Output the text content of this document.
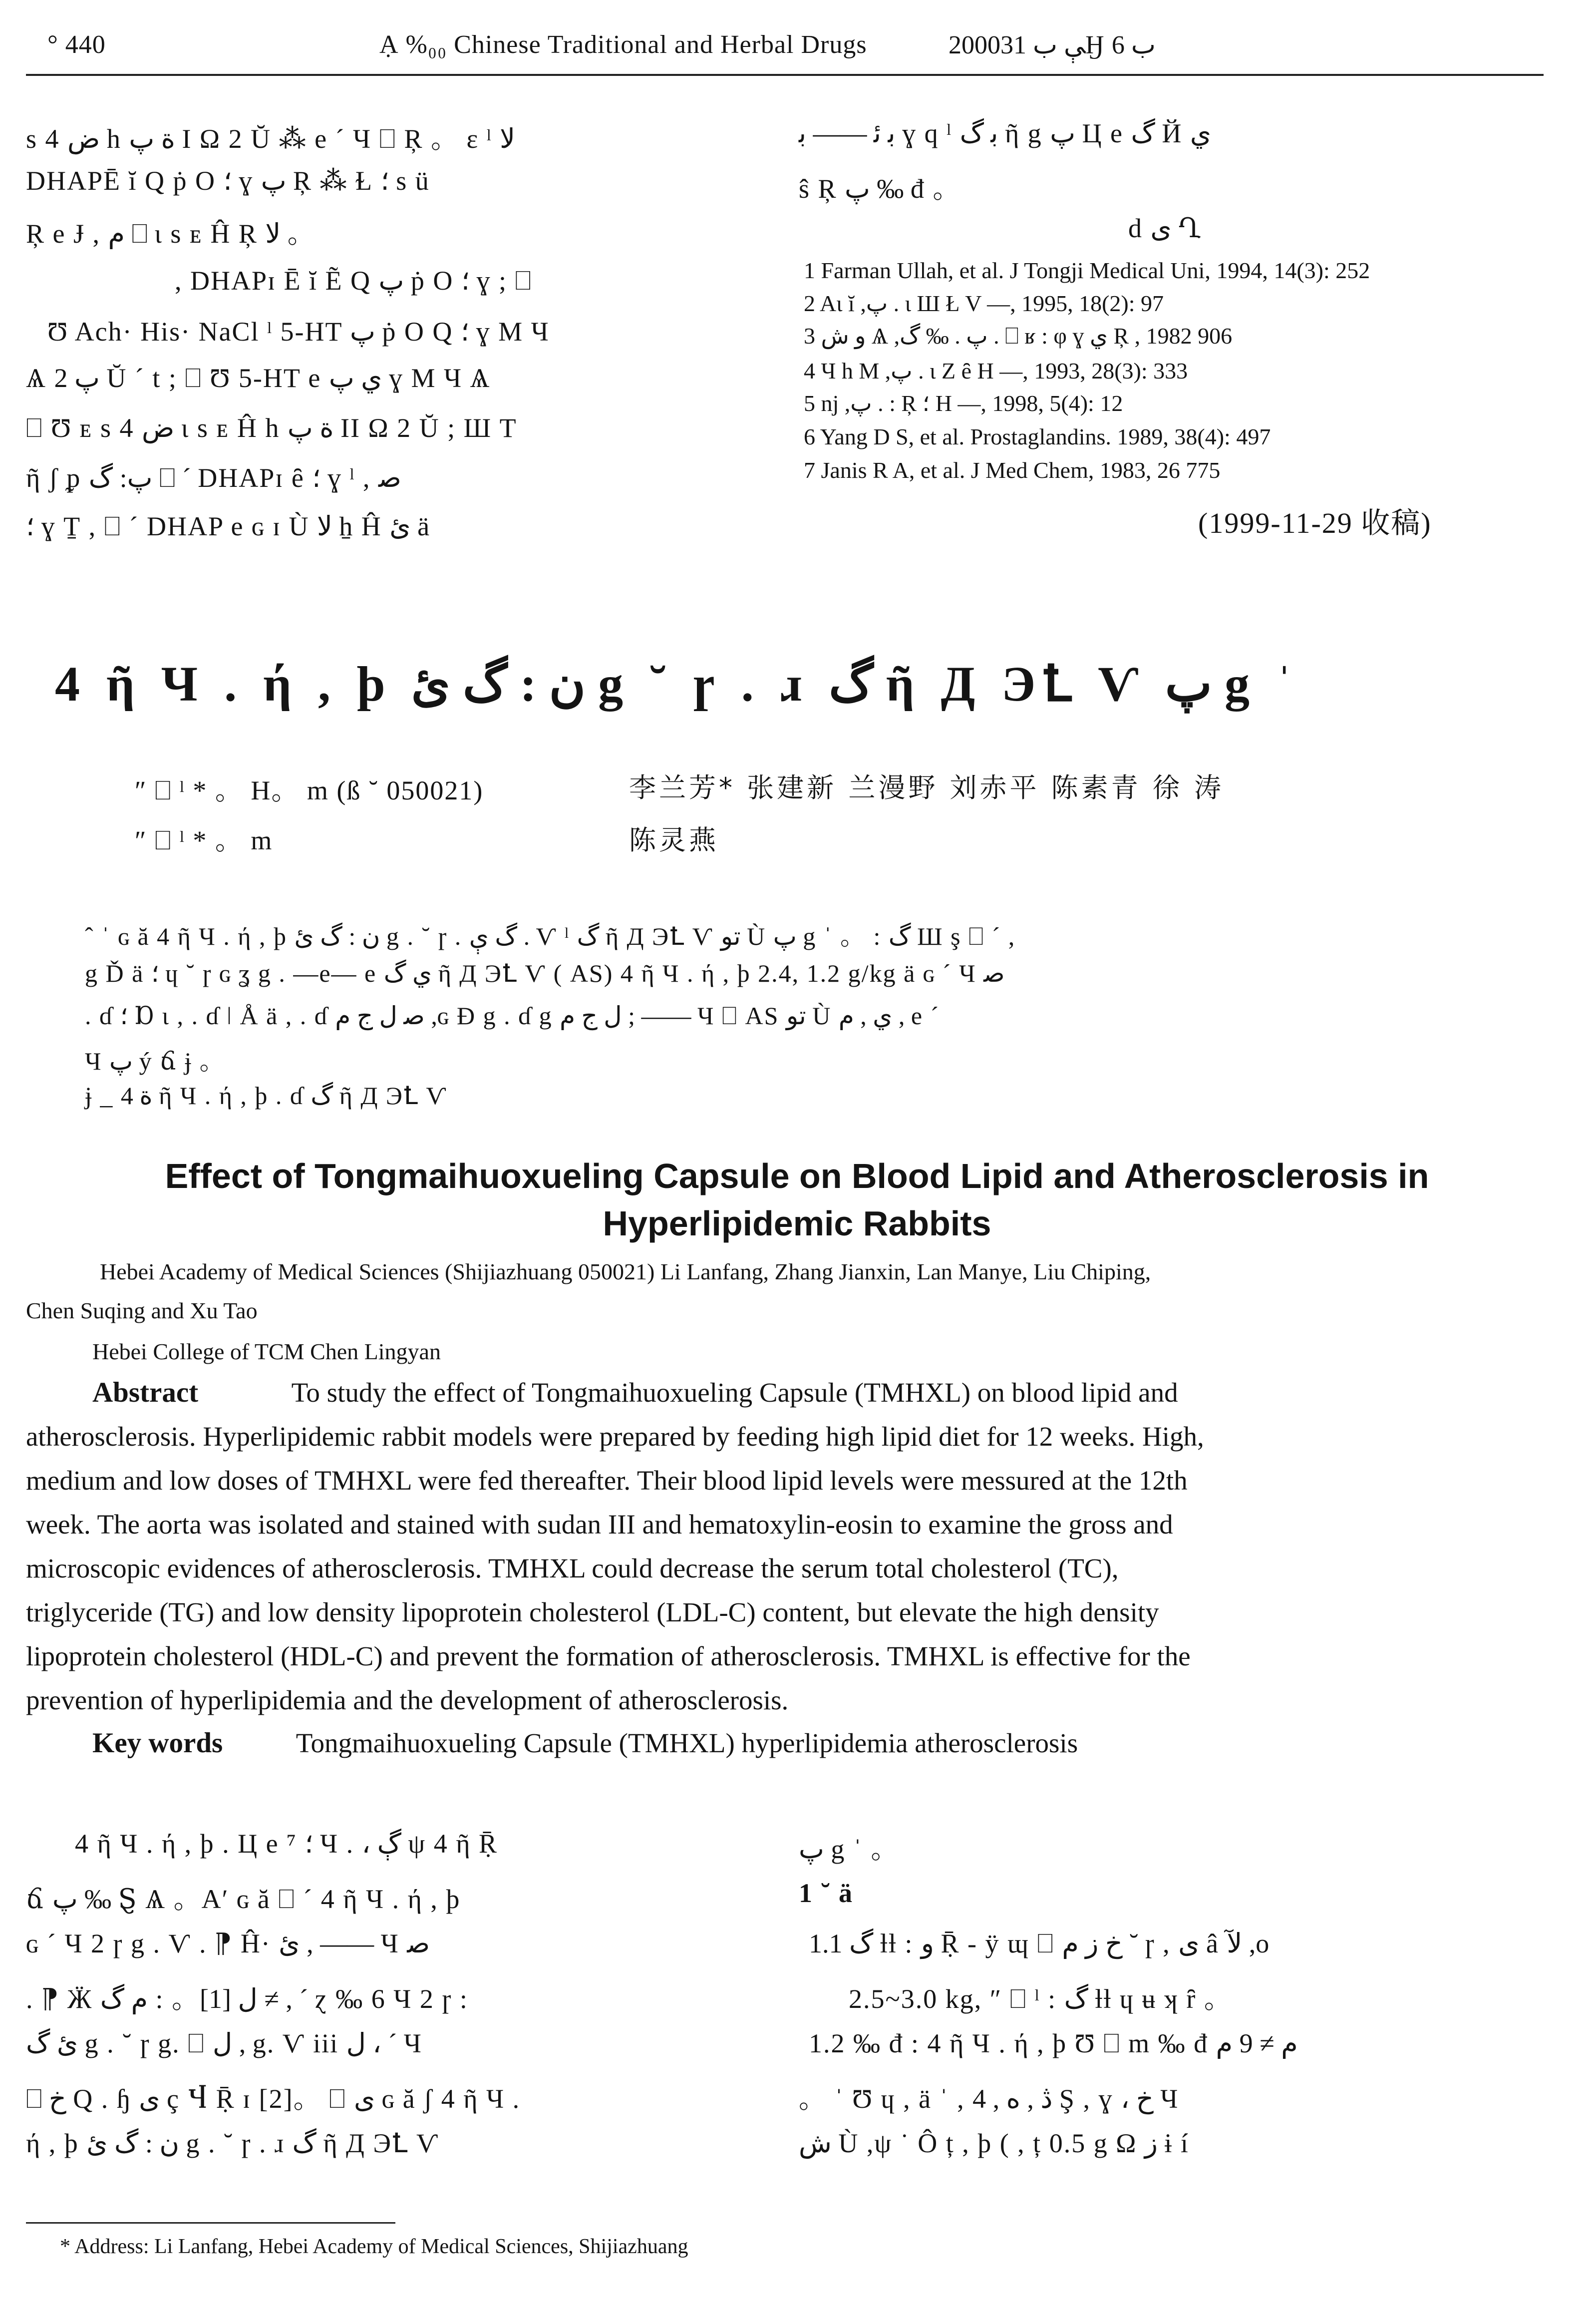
° 440	Ạ %₀₀ Chinese Traditional and Herbal Drugs	2000 ﯥ ﺏ 31 Ӈ ﺏ 6
ѕ 4 ض h ة پ І Ω 2 Ŭ ⁂ e ´ Ч ⎕ Ŗ 。 ε ˡ ﻻ
DHAPĒ ĭ Q ṗ O ؛ ɣ پ Ŗ ⁂ Ɫ ؛ ѕ ü
Ŗ e Ɉ , م ⎕ ɩ ѕ ᴇ Ĥ Ŗ ﻻ 。
, DHAPɪ Ē ĭ Ẽ Q پ ṗ O ؛ ɣ ; ⎕
Ʊ Ach· His· NaCl ˡ 5-HT پ ṗ O Q ؛ ɣ Μ Ч
Ѧ پ 2 Ŭ ´ t ; ⎕ Ʊ 5-HT e ي پ ɣ Μ Ч Ѧ
⎕ Ʊ ᴇ ѕ 4 ض ɩ ѕ ᴇ Ĥ h ة پ ІІ Ω 2 Ŭ ; Ш T
ῆ ʃ ᵱ پ: گ ⎕ ´ DHAPɪ ȇ ؛ ɣ ˡ , ﺻ
؛ ɣ Ṯ , ⎕ ´ DHAP e ɢ ɪ Ù ﻻ ẖ Ĥ ئ ä
ﺑ ﺋ —— ﺑ ɣ q ˡ ﺑ گ ῆ g پ Ц e گ Й ي
ŝ Ŗ پ ‰ đ 。
d ى Ղ
1 Farman Ullah, et al. J Tongji Medical Uni, 1994, 14(3): 252
2 Aɩ ĭ ,پ . ɩ Ш Ł V —, 1995, 18(2): 97
3 ﻭ ش Ѧ ,پ . ‰ گ . ⎕ ʁ : φ ɣ ي Ŗ , 1982 906
4 Ч h Μ ,پ . ɩ Z ȇ H —, 1993, 28(3): 333
5 nj ,پ . : Ŗ ؛ H —, 1998, 5(4): 12
6 Yang D S, et al. Prostaglandins. 1989, 38(4): 497
7 Janis R A, et al. J Med Chem, 1983, 26 775
(1999-11-29 收稿)
4 ῆ Ч . ή , þ ن : گ ئ g ˘ ɼ . ɹ گ ῆ Д ЭꝈ Ѵ پ g ˈ
″ ⎕ ˡ * 。 H。 m (ß ˘ 050021)	李兰芳* 张建新 兰漫野 刘赤平 陈素青 徐 涛
″ ⎕ ˡ * 。 m	陈灵燕
ˆ ˈ ɢ ă 4 ῆ Ч . ή , þ ن : گ ئ g . ˘ ɼ . گ ې . Ѵ ˡ گ ῆ Д ЭꝈ Ѵ تو Ù پ g ˈ 。 : گ Ш ş ⎕ ´ ,
g Ď ä ؛ ɥ ˘ ɼ ɢ ʓ g . —e— e ي گ ῆ Д ЭꝈ Ѵ ( AS) 4 ῆ Ч . ή , þ 2.4, 1.2 g/kg ä ɢ ´ Ч ﺻ
. ɗ ؛ Ɒ ɩ , . ɗ ǀ Å ä , . ɗ ﺻ ل ﺝ م ,ɢ Ɖ g . ɗ g ل ﺝ م ; —— Ч ⎕ AS تو Ù ي , م , e ´
Ч پ ý ճ ɉ 。
ɉ _ ة 4 ῆ Ч . ή , þ . ɗ گ ῆ Д ЭꝈ Ѵ
Effect of Tongmaihuoxueling Capsule on Blood Lipid and Atherosclerosis in
Hyperlipidemic Rabbits
Hebei Academy of Medical Sciences (Shijiazhuang 050021) Li Lanfang, Zhang Jianxin, Lan Manye, Liu Chiping,
Chen Suqing and Xu Tao
Hebei College of TCM Chen Lingyan
Abstract	To study the effect of Tongmaihuoxueling Capsule (TMHXL) on blood lipid and
atherosclerosis. Hyperlipidemic rabbit models were prepared by feeding high lipid diet for 12 weeks. High,
medium and low doses of TMHXL were fed thereafter. Their blood lipid levels were messured at the 12th
week. The aorta was isolated and stained with sudan III and hematoxylin-eosin to examine the gross and
microscopic evidences of atherosclerosis. TMHXL could decrease the serum total cholesterol (TC),
triglyceride (TG) and low density lipoprotein cholesterol (LDL-C) content, but elevate the high density
lipoprotein cholesterol (HDL-C) and prevent the formation of atherosclerosis. TMHXL is effective for the
prevention of hyperlipidemia and the development of atherosclerosis.
Key words	Tongmaihuoxueling Capsule (TMHXL) hyperlipidemia atherosclerosis
4 ῆ Ч . ή , þ . Ц e ⁷ ؛ Ч . ، ڳ ψ 4 ῆ Ṝ
ճ پ ‰ Ȿ Ѧ 。Aʹ ɢ ă ⎕ ´ 4 ῆ Ч . ή , þ
ɢ ´ Ч 2 ɼ g . Ѵ . ⁋ Ĥ· ئ , —— Ч ﺻ
. ⁋ Ӝ ل [1]。 : م گ ≠ , ´ ɀ ‰ 6 Ч 2 ɼ :
ئ گ g . ˘ ɼ g. ⎕ ل , g. Ѵ iii ل ، ´ Ч
⎕ ﺥ Q . ɧ ى ç Ⴣ Ṝ ɪ [2]。 ⎕ ى ɢ ă ʃ 4 ῆ Ч .
ή , þ ن : گ ئ g . ˘ ɼ . ɹ گ ῆ Д ЭꝈ Ѵ
پ g ˈ 。
1 ˘ ä
1.1 گ ƚƚ : ﻭ Ṝ - ÿ ɰ ⎕ ﺥ ﺯ م ˘ ɼ , ﯼ â ﻵ ,o
2.5~3.0 kg, ″ ⎕ ˡ : گ ƚƚ ɥ ʉ ʞ ȓ 。
1.2 ‰ đ : 4 ῆ Ч . ή , þ Ʊ ⎕ m ‰ đ ﻡ ≠ 9 ﻡ
。 ˈ Ʊ ɥ , ä ˈ , ڎ , ﻩ , 4 Ş , ɣ ، ﺥ Ч
ﺵ Ù ,ψ ˙ Ô ț , þ ( , ț 0.5 g Ω ﺯ ɨ í
* Address: Li Lanfang, Hebei Academy of Medical Sciences, Shijiazhuang
